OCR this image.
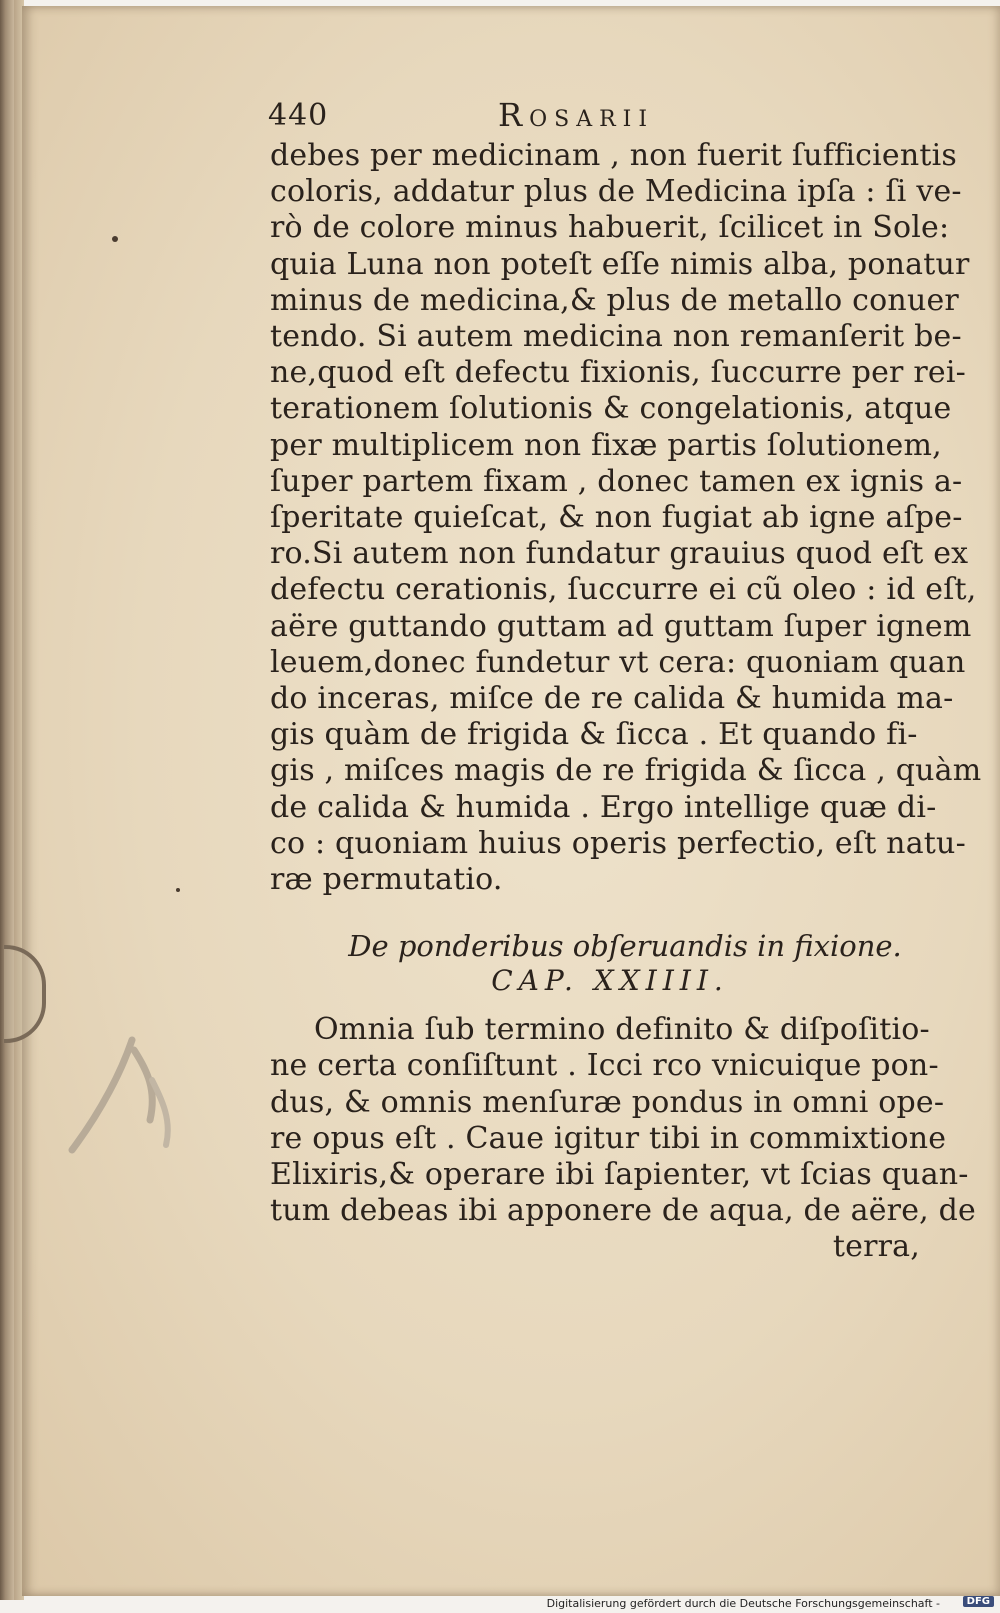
440	Rosarii
debes per medicinam , non fuerit ſufficientis
coloris, addatur plus de Medicina ipſa : ſi ve-
rò de colore minus habuerit, ſcilicet in Sole:
quia Luna non poteſt eſſe nimis alba, ponatur
minus de medicina,& plus de metallo conuer
tendo. Si autem medicina non remanſerit be-
ne,quod eſt defectu fixionis, ſuccurre per rei-
terationem ſolutionis & congelationis, atque
per multiplicem non fixæ partis ſolutionem,
ſuper partem fixam , donec tamen ex ignis a-
ſperitate quieſcat, & non fugiat ab igne aſpe-
ro.Si autem non fundatur grauius quod eſt ex
defectu cerationis, ſuccurre ei cũ oleo : id eſt,
aëre guttando guttam ad guttam ſuper ignem
leuem,donec fundetur vt cera: quoniam quan
do inceras, miſce de re calida & humida ma-
gis quàm de frigida & ſicca . Et quando fi-
gis , miſces magis de re frigida & ſicca , quàm
de calida & humida . Ergo intellige quæ di-
co : quoniam huius operis perfectio, eſt natu-
ræ permutatio.
De ponderibus obſeruandis in fixione.
CAP. XXIIII.
Omnia ſub termino definito & diſpoſitio-
ne certa conſiſtunt . Icci rco vnicuique pon-
dus, & omnis menſuræ pondus in omni ope-
re opus eſt . Caue igitur tibi in commixtione
Elixiris,& operare ibi ſapienter, vt ſcias quan-
tum debeas ibi apponere de aqua, de aëre, de
terra,
Digitalisierung gefördert durch die Deutsche Forschungsgemeinschaft -	DFG
